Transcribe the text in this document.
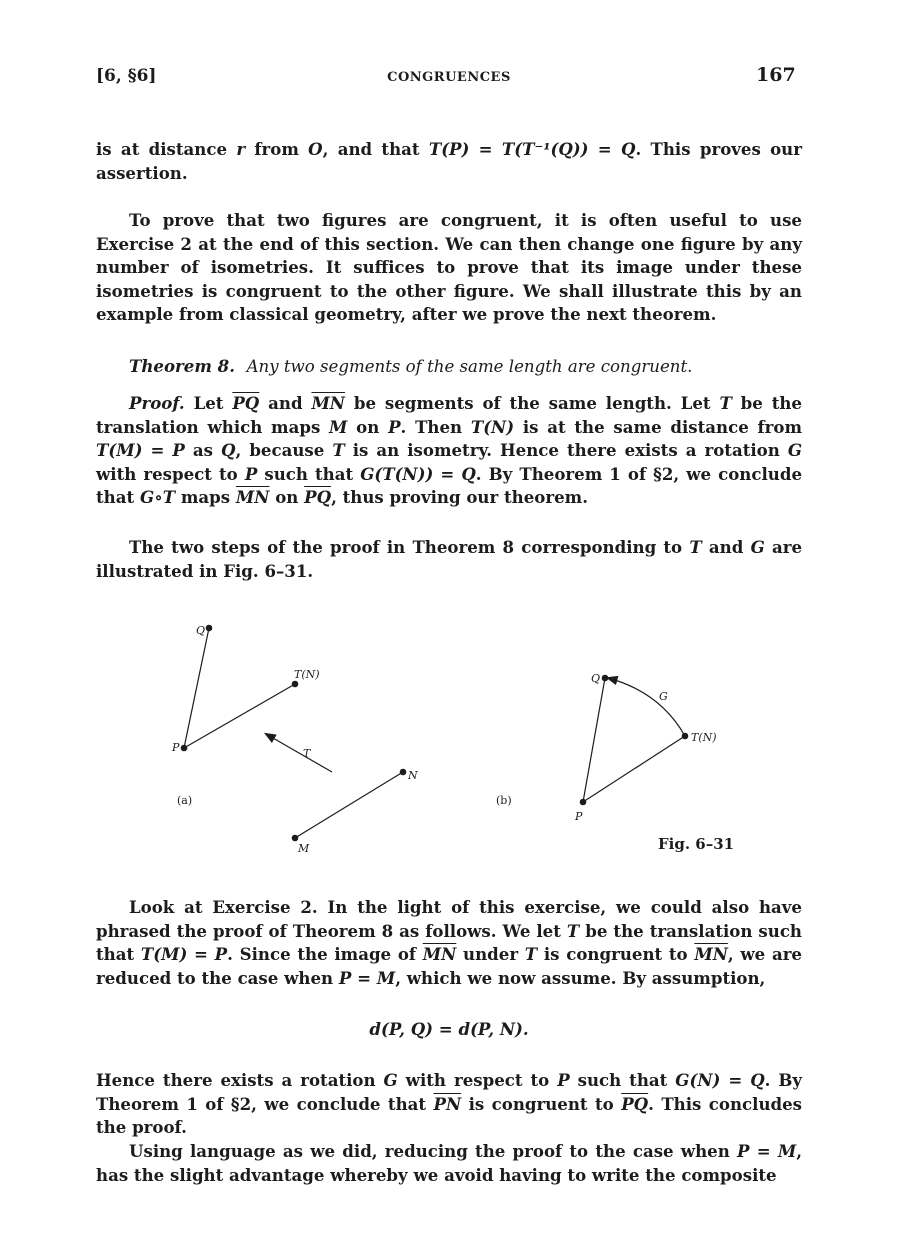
[6, §6]	CONGRUENCES	167

is at distance r from O, and that T(P) = T(T⁻¹(Q)) = Q. This proves our assertion.

To prove that two figures are congruent, it is often useful to use Exercise 2 at the end of this section. We can then change one figure by any number of isometries. It suffices to prove that its image under these isometries is congruent to the other figure. We shall illustrate this by an example from classical geometry, after we prove the next theorem.

Theorem 8. Any two segments of the same length are congruent.

Proof. Let $\overline{PQ}$ and $\overline{MN}$ be segments of the same length. Let T be the translation which maps M on P. Then T(N) is at the same distance from T(M) = P as Q, because T is an isometry. Hence there exists a rotation G with respect to P such that G(T(N)) = Q. By Theorem 1 of §2, we conclude that G∘T maps $\overline{MN}$ on $\overline{PQ}$, thus proving our theorem.

The two steps of the proof in Theorem 8 corresponding to T and G are illustrated in Fig. 6–31.

Q
P
T(N)
T
N
M
(a)
Q
G
T(N)
P
(b)
Fig. 6–31

Look at Exercise 2. In the light of this exercise, we could also have phrased the proof of Theorem 8 as follows. We let T be the translation such that T(M) = P. Since the image of $\overline{MN}$ under T is congruent to $\overline{MN}$, we are reduced to the case when P = M, which we now assume. By assumption,

d(P, Q) = d(P, N).

Hence there exists a rotation G with respect to P such that G(N) = Q. By Theorem 1 of §2, we conclude that $\overline{PN}$ is congruent to $\overline{PQ}$. This concludes the proof.

Using language as we did, reducing the proof to the case when P = M, has the slight advantage whereby we avoid having to write the composite
